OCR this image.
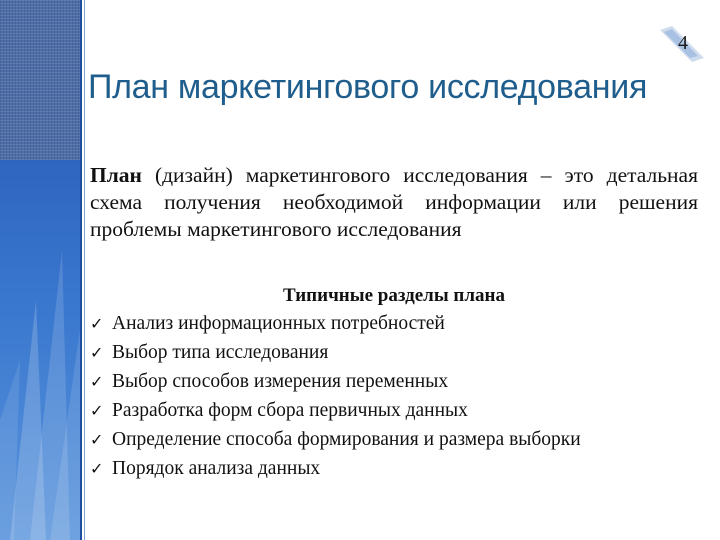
4
План маркетингового исследования

План (дизайн) маркетингового исследования – это детальная схема получения необходимой информации или решения проблемы маркетингового исследования

Типичные разделы плана
✓ Анализ информационных потребностей
✓ Выбор типа исследования
✓ Выбор способов измерения переменных
✓ Разработка форм сбора первичных данных
✓ Определение способа формирования и размера выборки
✓ Порядок анализа данных
